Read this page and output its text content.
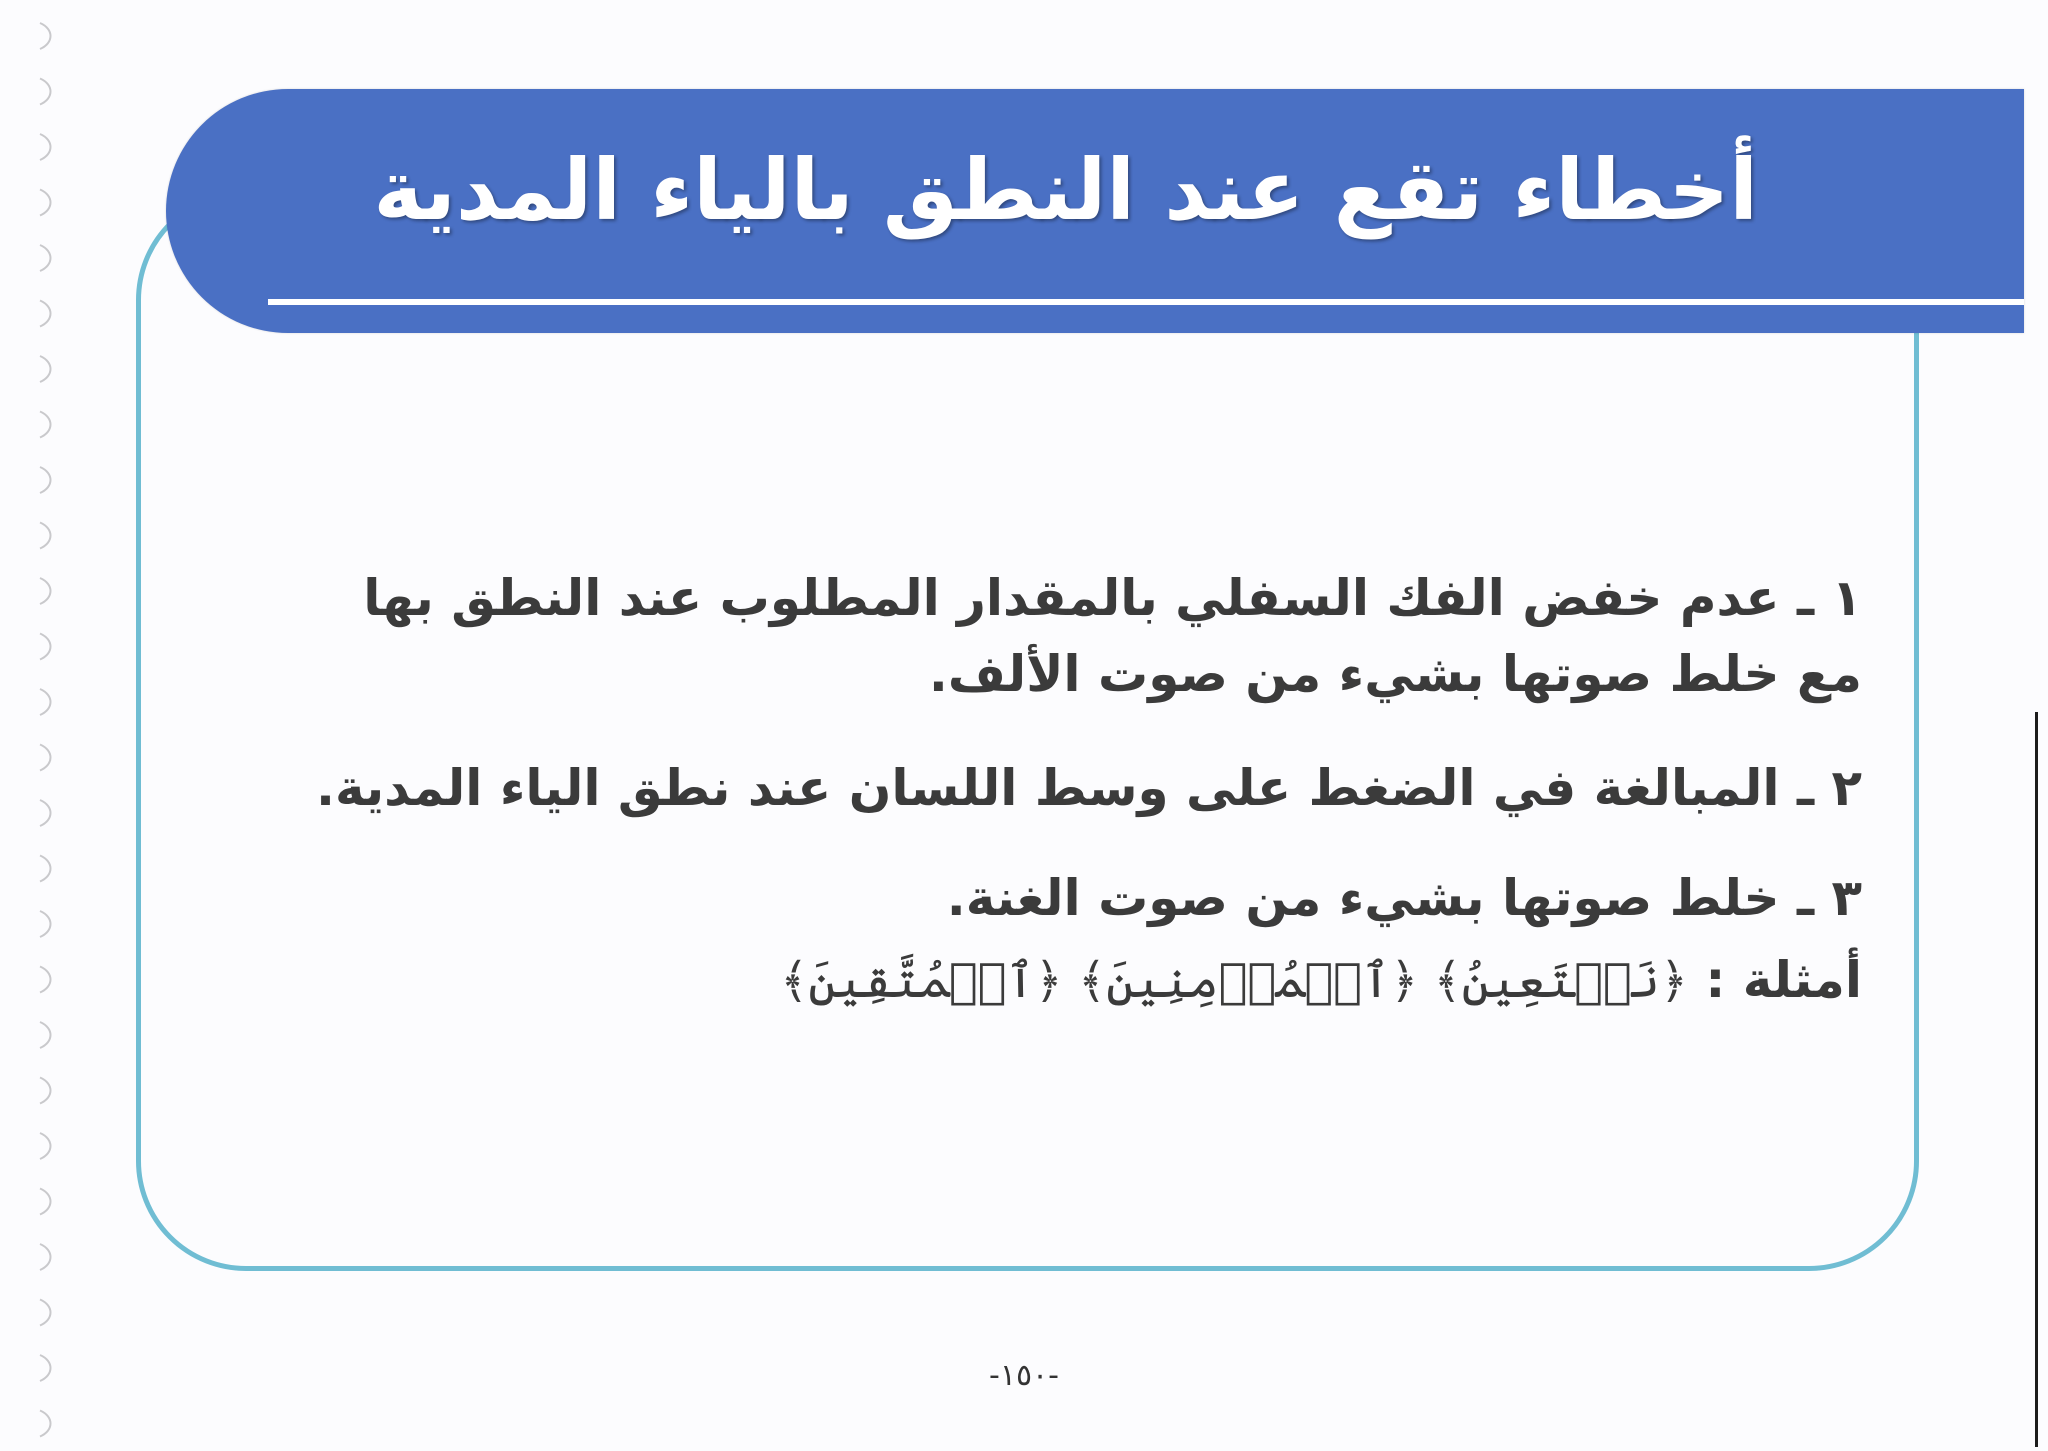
أخطاء تقع عند النطق بالياء المدية
١ ـ عدم خفض الفك السفلي بالمقدار المطلوب عند النطق بها مع خلط صوتها بشيء من صوت الألف.
٢ ـ المبالغة في الضغط على وسط اللسان عند نطق الياء المدية.
٣ ـ خلط صوتها بشيء من صوت الغنة.
أمثلة : ﴿نَسۡتَعِينُ﴾ ﴿ٱلۡمُؤۡمِنِينَ﴾ ﴿ٱلۡمُتَّقِينَ﴾
-١٥٠-
